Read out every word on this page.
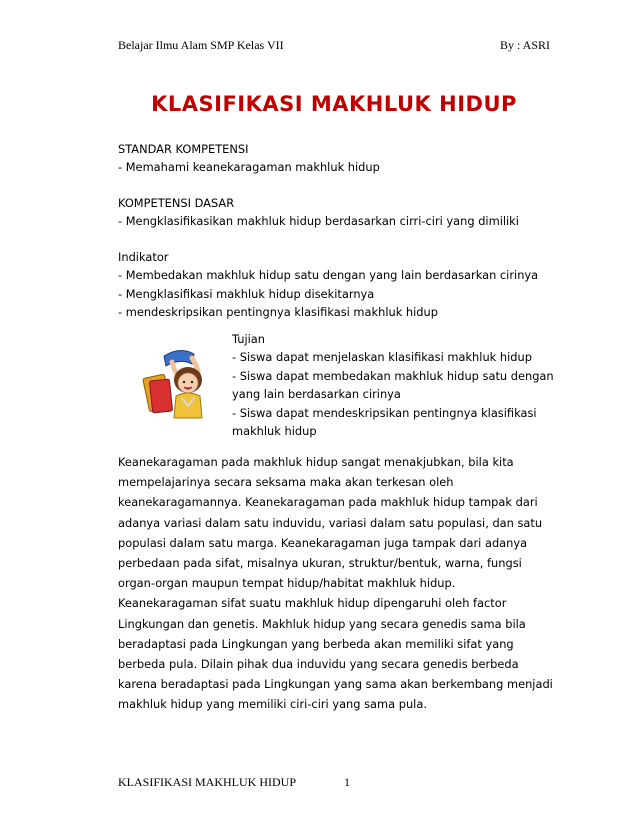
Belajar Ilmu Alam SMP Kelas VII	By : ASRI
KLASIFIKASI MAKHLUK HIDUP
STANDAR KOMPETENSI
- Memahami keanekaragaman makhluk hidup
KOMPETENSI DASAR
- Mengklasifikasikan makhluk hidup berdasarkan cirri-ciri yang dimiliki
Indikator
- Membedakan makhluk hidup satu dengan yang lain berdasarkan cirinya
- Mengklasifikasi makhluk hidup disekitarnya
- mendeskripsikan pentingnya klasifikasi makhluk hidup
Tujian
- Siswa dapat menjelaskan klasifikasi makhluk hidup
- Siswa dapat membedakan makhluk hidup satu dengan
yang lain berdasarkan cirinya
- Siswa dapat mendeskripsikan pentingnya klasifikasi
makhluk hidup
Keanekaragaman pada makhluk hidup sangat menakjubkan, bila kita
mempelajarinya secara seksama maka akan terkesan oleh
keanekaragamannya. Keanekaragaman pada makhluk hidup tampak dari
adanya variasi dalam satu induvidu, variasi dalam satu populasi, dan satu
populasi dalam satu marga. Keanekaragaman juga tampak dari adanya
perbedaan pada sifat, misalnya ukuran, struktur/bentuk, warna, fungsi
organ-organ maupun tempat hidup/habitat makhluk hidup.
Keanekaragaman sifat suatu makhluk hidup dipengaruhi oleh factor
Lingkungan dan genetis. Makhluk hidup yang secara genedis sama bila
beradaptasi pada Lingkungan yang berbeda akan memiliki sifat yang
berbeda pula. Dilain pihak dua induvidu yang secara genedis berbeda
karena beradaptasi pada Lingkungan yang sama akan berkembang menjadi
makhluk hidup yang memiliki ciri-ciri yang sama pula.
KLASIFIKASI MAKHLUK HIDUP	1
